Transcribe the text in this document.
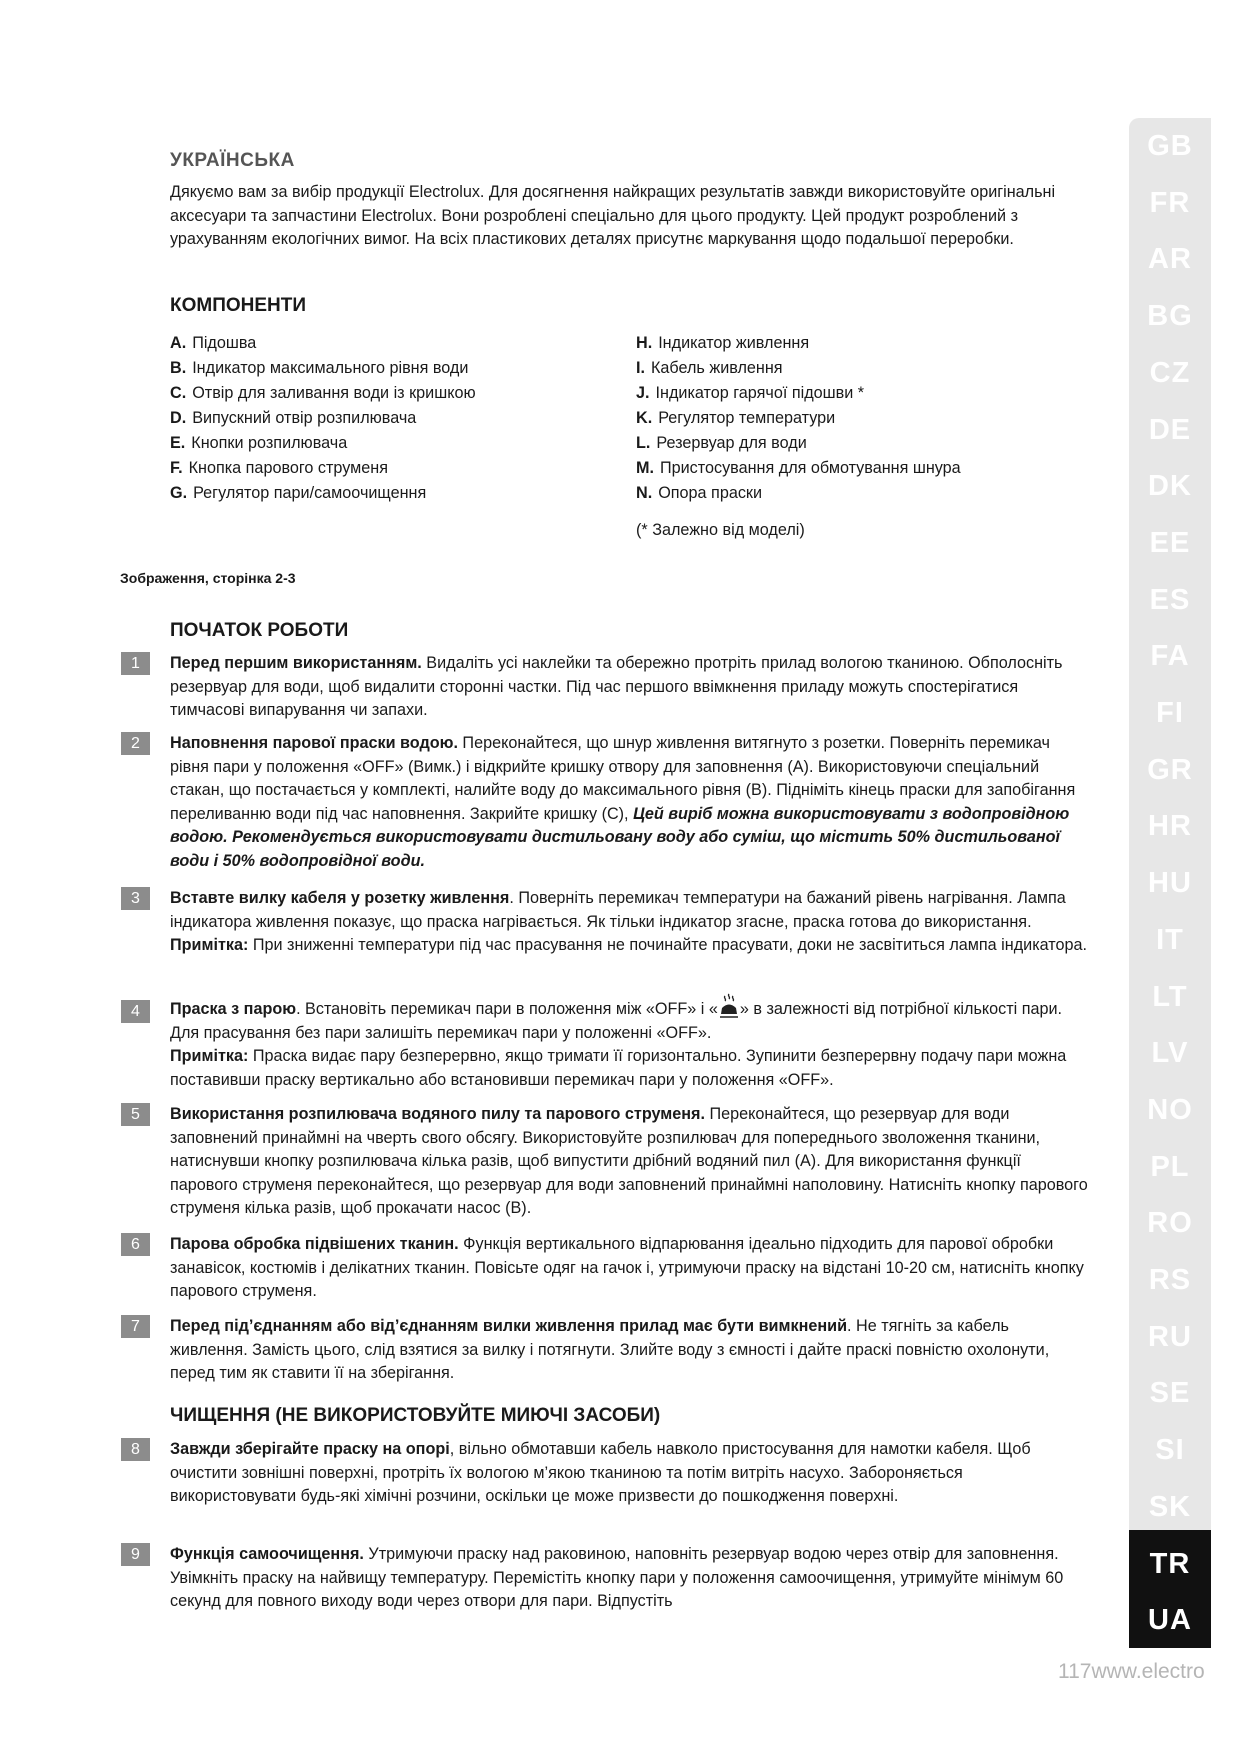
УКРАЇНСЬКА
Дякуємо вам за вибір продукції Electrolux. Для досягнення найкращих результатів завжди використовуйте оригінальні аксесуари та запчастини Electrolux. Вони розроблені спеціально для цього продукту. Цей продукт розроблений з урахуванням екологічних вимог. На всіх пластикових деталях присутнє маркування щодо подальшої переробки.
КОМПОНЕНТИ
A. Підошва
B. Індикатор максимального рівня води
C. Отвір для заливання води із кришкою
D. Випускний отвір розпилювача
E. Кнопки розпилювача
F. Кнопка парового струменя
G. Регулятор пари/самоочищення
H. Індикатор живлення
I. Кабель живлення
J. Індикатор гарячої підошви *
K. Регулятор температури
L. Резервуар для води
M. Пристосування для обмотування шнура
N. Опора праски
(* Залежно від моделі)
Зображення, сторінка 2-3
ПОЧАТОК РОБОТИ
1	Перед першим використанням. Видаліть усі наклейки та обережно протріть прилад вологою тканиною. Обполосніть резервуар для води, щоб видалити сторонні частки. Під час першого ввімкнення приладу можуть спостерігатися тимчасові випарування чи запахи.
2	Наповнення парової праски водою. Переконайтеся, що шнур живлення витягнуто з розетки. Поверніть перемикач рівня пари у положення «OFF» (Вимк.) і відкрийте кришку отвору для заповнення (A). Використовуючи спеціальний стакан, що постачається у комплекті, налийте воду до максимального рівня (B). Підніміть кінець праски для запобігання переливанню води під час наповнення. Закрийте кришку (C), Цей виріб можна використовувати з водопровідною водою. Рекомендується використовувати дистильовану воду або суміш, що містить 50% дистильованої води і 50% водопровідної води.
3	Вставте вилку кабеля у розетку живлення. Поверніть перемикач температури на бажаний рівень нагрівання. Лампа індикатора живлення показує, що праска нагрівається. Як тільки індикатор згасне, праска готова до використання. Примітка: При зниженні температури під час прасування не починайте прасувати, доки не засвітиться лампа індикатора.
4	Праска з парою. Встановіть перемикач пари в положення між «OFF» і « » в залежності від потрібної кількості пари. Для прасування без пари залишіть перемикач пари у положенні «OFF».
Примітка: Праска видає пару безперервно, якщо тримати її горизонтально. Зупинити безперервну подачу пари можна поставивши праску вертикально або встановивши перемикач пари у положення «OFF».
5	Використання розпилювача водяного пилу та парового струменя. Переконайтеся, що резервуар для води заповнений принаймні на чверть свого обсягу. Використовуйте розпилювач для попереднього зволоження тканини, натиснувши кнопку розпилювача кілька разів, щоб випустити дрібний водяний пил (A). Для використання функції парового струменя переконайтеся, що резервуар для води заповнений принаймні наполовину. Натисніть кнопку парового струменя кілька разів, щоб прокачати насос (B).
6	Парова обробка підвішених тканин. Функція вертикального відпарювання ідеально підходить для парової обробки занавісок, костюмів і делікатних тканин. Повісьте одяг на гачок і, утримуючи праску на відстані 10-20 см, натисніть кнопку парового струменя.
7	Перед під’єднанням або від’єднанням вилки живлення прилад має бути вимкнений. Не тягніть за кабель живлення. Замість цього, слід взятися за вилку і потягнути. Злийте воду з ємності і дайте праскі повністю охолонути, перед тим як ставити її на зберігання.
ЧИЩЕННЯ (НЕ ВИКОРИСТОВУЙТЕ МИЮЧІ ЗАСОБИ)
8	Завжди зберігайте праску на опорі, вільно обмотавши кабель навколо пристосування для намотки кабеля. Щоб очистити зовнішні поверхні, протріть їх вологою м’якою тканиною та потім витріть насухо. Забороняється використовувати будь-які хімічні розчини, оскільки це може призвести до пошкодження поверхні.
9	Функція самоочищення. Утримуючи праску над раковиною, наповніть резервуар водою через отвір для заповнення. Увімкніть праску на найвищу температуру. Перемістіть кнопку пари у положення самоочищення, утримуйте мінімум 60 секунд для повного виходу води через отвори для пари. Відпустіть
GB
FR
AR
BG
CZ
DE
DK
EE
ES
FA
FI
GR
HR
HU
IT
LT
LV
NO
PL
RO
RS
RU
SE
SI
SK
TR
UA
117www.electro
